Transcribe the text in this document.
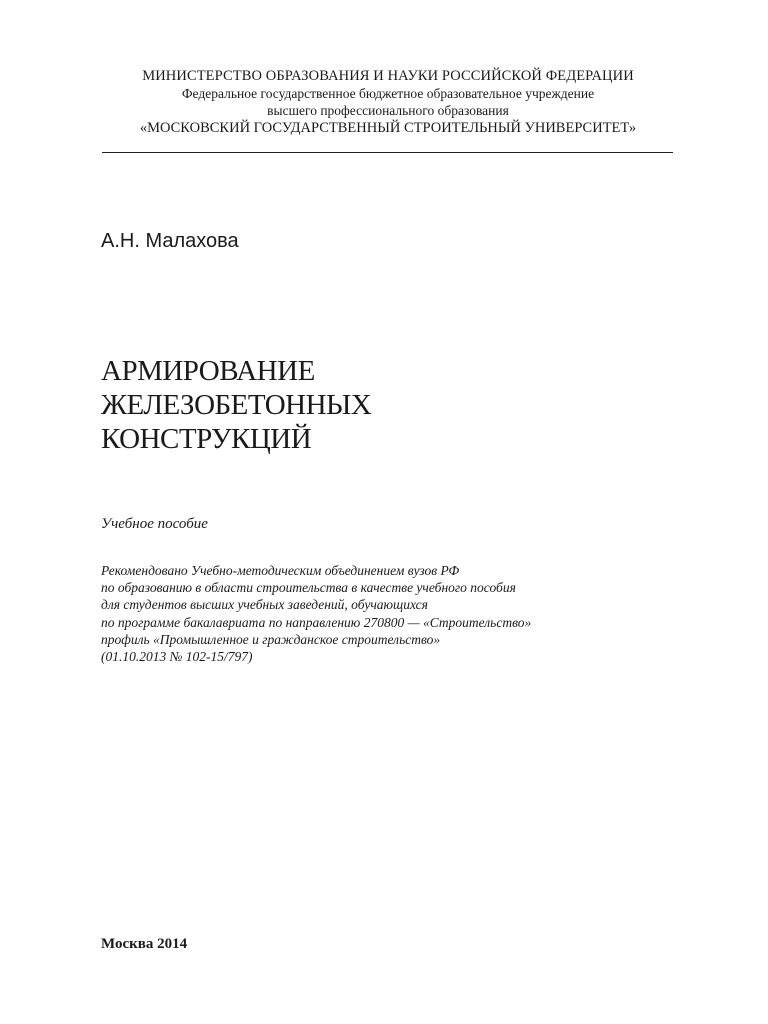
МИНИСТЕРСТВО ОБРАЗОВАНИЯ И НАУКИ РОССИЙСКОЙ ФЕДЕРАЦИИ
Федеральное государственное бюджетное образовательное учреждение
высшего профессионального образования
«МОСКОВСКИЙ ГОСУДАРСТВЕННЫЙ СТРОИТЕЛЬНЫЙ УНИВЕРСИТЕТ»
А.Н. Малахова
АРМИРОВАНИЕ
ЖЕЛЕЗОБЕТОННЫХ
КОНСТРУКЦИЙ
Учебное пособие
Рекомендовано Учебно-методическим объединением вузов РФ
по образованию в области строительства в качестве учебного пособия
для студентов высших учебных заведений, обучающихся
по программе бакалавриата по направлению 270800 — «Строительство»
профиль «Промышленное и гражданское строительство»
(01.10.2013 № 102-15/797)
Москва 2014
